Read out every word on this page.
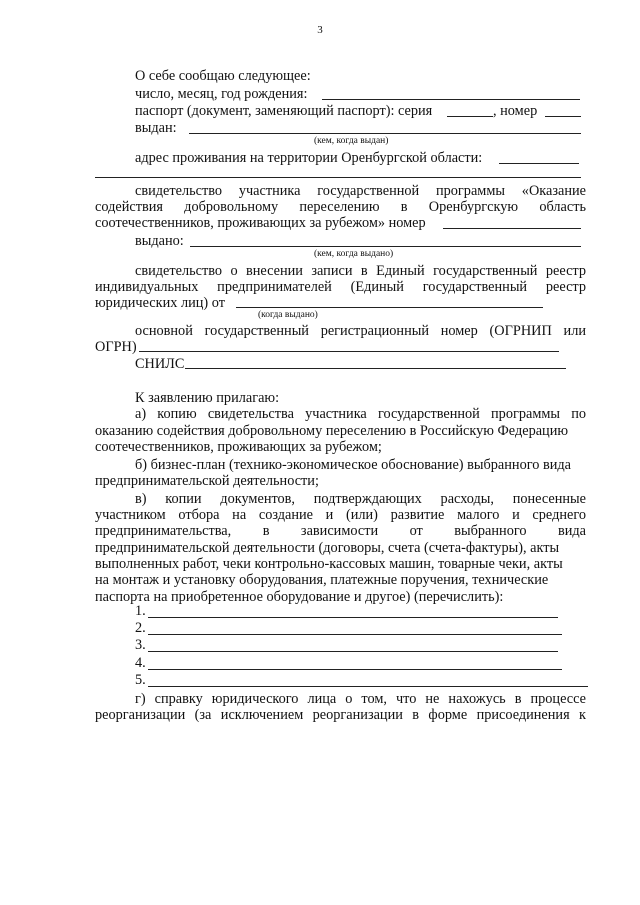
3
О себе сообщаю следующее:
число, месяц, год рождения:
паспорт (документ, заменяющий паспорт): серия	, номер
выдан:
(кем, когда выдан)
адрес проживания на территории Оренбургской области:
свидетельство участника государственной программы «Оказание
содействия добровольному переселению в Оренбургскую область
соотечественников, проживающих за рубежом» номер
выдано:
(кем, когда выдано)
свидетельство о внесении записи в Единый государственный реестр
индивидуальных предпринимателей (Единый государственный реестр
юридических лиц) от
(когда выдано)
основной государственный регистрационный номер (ОГРНИП или
ОГРН)
СНИЛС
К заявлению прилагаю:
а) копию свидетельства участника государственной программы по
оказанию содействия добровольному переселению в Российскую Федерацию
соотечественников, проживающих за рубежом;
б) бизнес-план (технико-экономическое обоснование) выбранного вида
предпринимательской деятельности;
в) копии документов, подтверждающих расходы, понесенные
участником отбора на создание и (или) развитие малого и среднего
предпринимательства, в зависимости от выбранного вида
предпринимательской деятельности (договоры, счета (счета-фактуры), акты
выполненных работ, чеки контрольно-кассовых машин, товарные чеки, акты
на монтаж и установку оборудования, платежные поручения, технические
паспорта на приобретенное оборудование и другое) (перечислить):
1.
2.
3.
4.
5.
г) справку юридического лица о том, что не нахожусь в процессе
реорганизации (за исключением реорганизации в форме присоединения к
